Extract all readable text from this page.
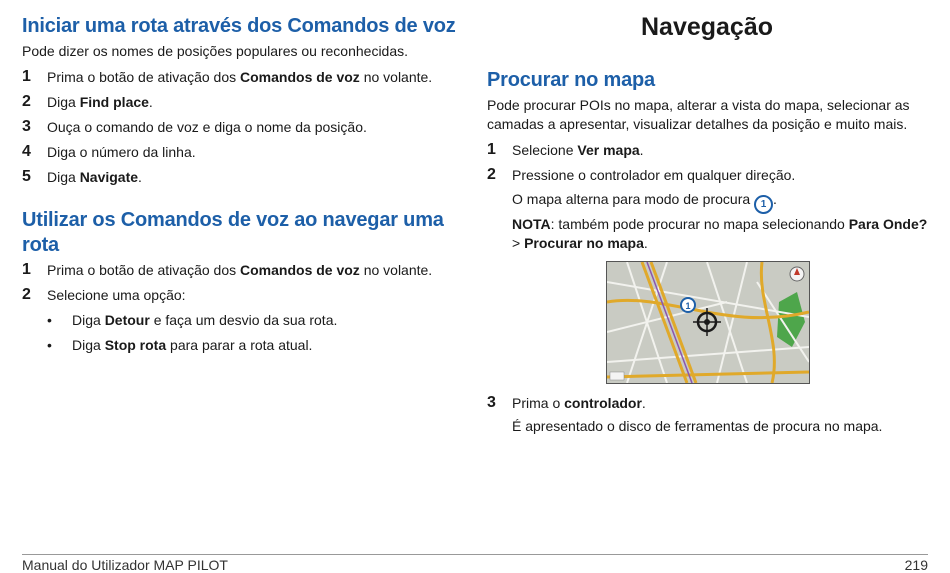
Iniciar uma rota através dos Comandos de voz

Pode dizer os nomes de posições populares ou reconhecidas.

1 Prima o botão de ativação dos Comandos de voz no volante.
2 Diga Find place.
3 Ouça o comando de voz e diga o nome da posição.
4 Diga o número da linha.
5 Diga Navigate.
Utilizar os Comandos de voz ao navegar uma
rota
1 Prima o botão de ativação dos Comandos de voz no volante.
2 Selecione uma opção:
• Diga Detour e faça um desvio da sua rota.
• Diga Stop rota para parar a rota atual.
Navegação
Procurar no mapa

Pode procurar POIs no mapa, alterar a vista do mapa, selecionar as
camadas a apresentar, visualizar detalhes da posição e muito mais.

1 Selecione Ver mapa.
2 Pressione o controlador em qualquer direção.
O mapa alterna para modo de procura 1 .
NOTA: também pode procurar no mapa selecionando Para Onde?
> Procurar no mapa.
3 Prima o controlador.
É apresentado o disco de ferramentas de procura no mapa.
1
Manual do Utilizador MAP PILOT	219
